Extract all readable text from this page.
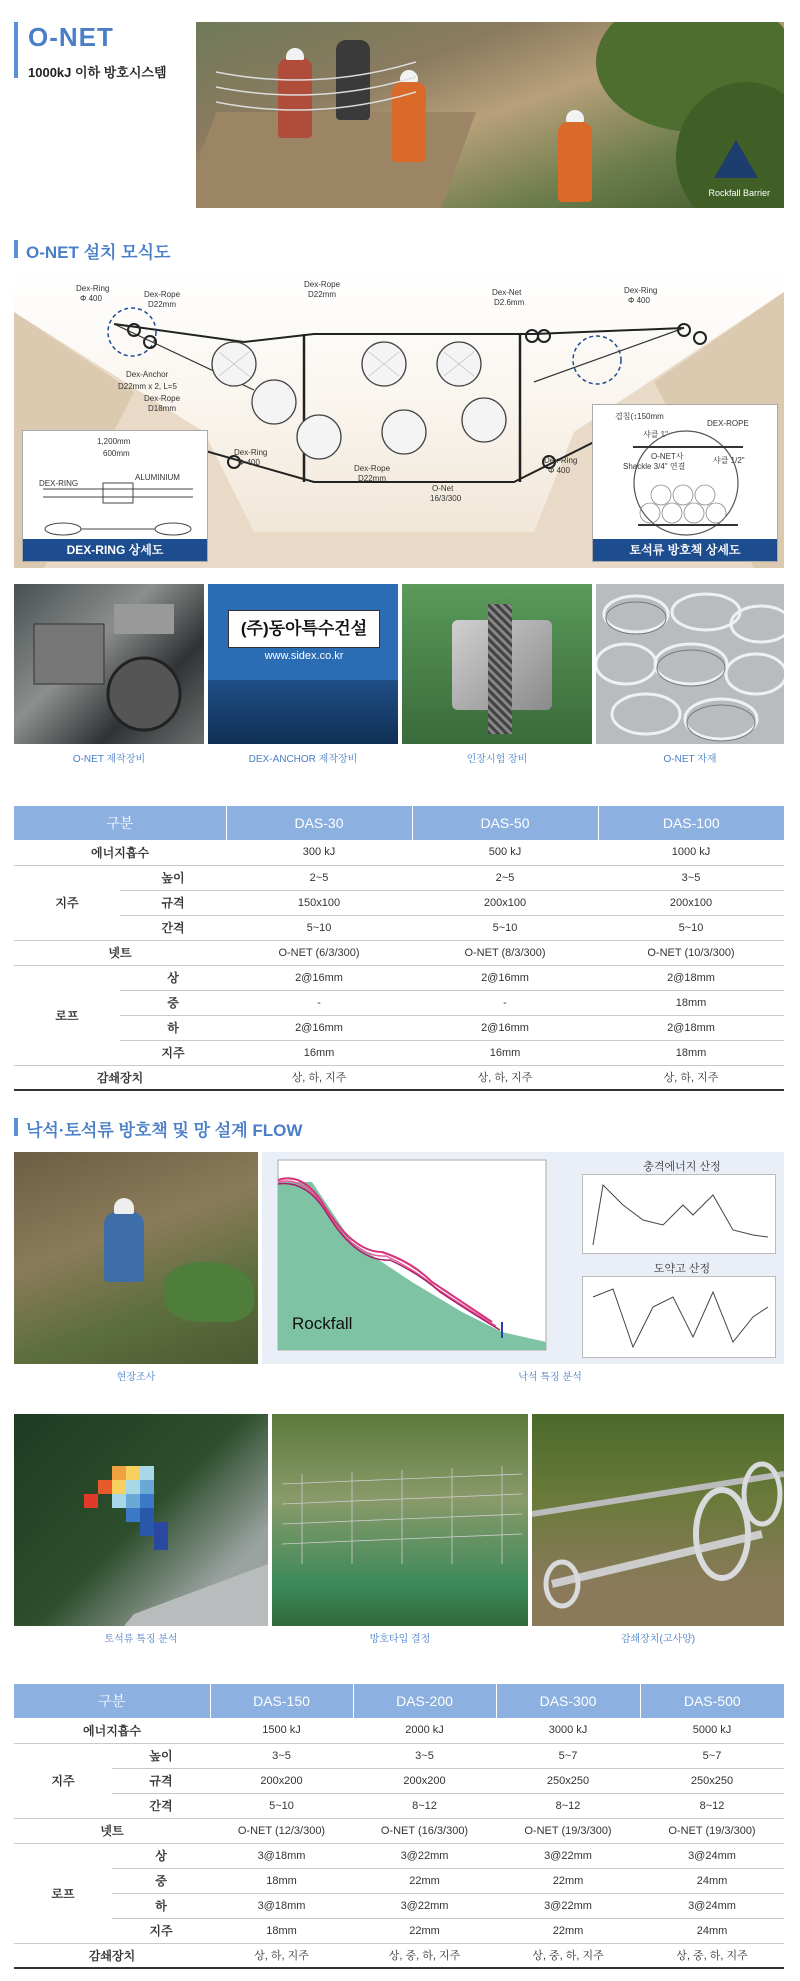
O-NET
1000kJ 이하 방호시스템
Rockfall Barrier
O-NET 설치 모식도
Dex-Ring
Φ 400	Dex-Rope
D22mm
Dex-Rope
D22mm	Dex-Net
D2.6mm
Dex-Ring
Φ 400
Dex-Anchor
D22mm x 2, L=5
Dex-Rope
D18mm
Dex-Ring
Φ 400
Dex-Rope
D22mm
O-Net
16/3/300
Dex-Ring
Φ 400
1,200mm
600mm
DEX-RING
ALUMINIUM
DEX-RING 상세도
겹침(↕150mm
DEX-ROPE
샤클 1"
O-NET사
Shackle 3/4" 연결
샤클 1/2"
토석류 방호책 상세도
O-NET 제작장비
(주)동아특수건설
www.sidex.co.kr
DEX-ANCHOR 제작장비	인장시험 장비	O-NET 자재
구분		DAS-30	DAS-50	DAS-100
에너지흡수		300 kJ	500 kJ	1000 kJ
지주	높이	2~5	2~5	3~5
	규격	150x100	200x100	200x100
	간격	5~10	5~10	5~10
넷트		O-NET (6/3/300)	O-NET (8/3/300)	O-NET (10/3/300)
로프	상	2@16mm	2@16mm	2@18mm
	중	-	-	18mm
	하	2@16mm	2@16mm	2@18mm
	지주	16mm	16mm	18mm
감쇄장치		상, 하, 지주	상, 하, 지주	상, 하, 지주
낙석·토석류 방호책 및 망 설계 FLOW
현장조사
Rockfall
충격에너지 산정
도약고 산정
낙석 특징 분석
토석류 특징 분석	방호타입 결정	감쇄장치(고사양)
구분		DAS-150	DAS-200	DAS-300	DAS-500
에너지흡수		1500 kJ	2000 kJ	3000 kJ	5000 kJ
지주	높이	3~5	3~5	5~7	5~7
	규격	200x200	200x200	250x250	250x250
	간격	5~10	8~12	8~12	8~12
넷트		O-NET (12/3/300)	O-NET (16/3/300)	O-NET (19/3/300)	O-NET (19/3/300)
로프	상	3@18mm	3@22mm	3@22mm	3@24mm
	중	18mm	22mm	22mm	24mm
	하	3@18mm	3@22mm	3@22mm	3@24mm
	지주	18mm	22mm	22mm	24mm
감쇄장치		상, 하, 지주	상, 중, 하, 지주	상, 중, 하, 지주	상, 중, 하, 지주
